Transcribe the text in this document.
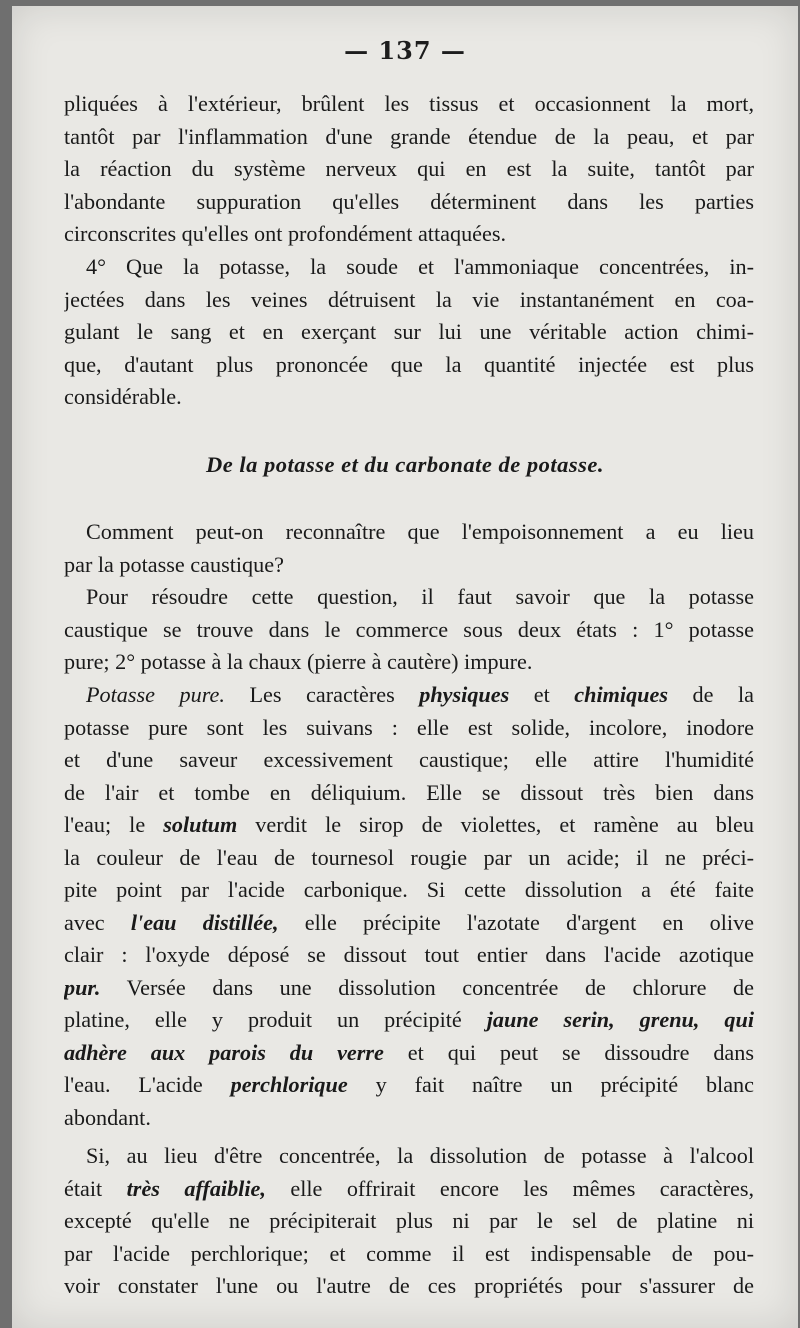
— 137 —
pliquées à l'extérieur, brûlent les tissus et occasionnent la mort,
tantôt par l'inflammation d'une grande étendue de la peau, et par
la réaction du système nerveux qui en est la suite, tantôt par
l'abondante suppuration qu'elles déterminent dans les parties
circonscrites qu'elles ont profondément attaquées.
4° Que la potasse, la soude et l'ammoniaque concentrées, in-
jectées dans les veines détruisent la vie instantanément en coa-
gulant le sang et en exerçant sur lui une véritable action chimi-
que, d'autant plus prononcée que la quantité injectée est plus
considérable.
De la potasse et du carbonate de potasse.
Comment peut-on reconnaître que l'empoisonnement a eu lieu
par la potasse caustique?
Pour résoudre cette question, il faut savoir que la potasse
caustique se trouve dans le commerce sous deux états : 1° potasse
pure; 2° potasse à la chaux (pierre à cautère) impure.
Potasse pure. Les caractères physiques et chimiques de la
potasse pure sont les suivans : elle est solide, incolore, inodore
et d'une saveur excessivement caustique; elle attire l'humidité
de l'air et tombe en déliquium. Elle se dissout très bien dans
l'eau; le solutum verdit le sirop de violettes, et ramène au bleu
la couleur de l'eau de tournesol rougie par un acide; il ne préci-
pite point par l'acide carbonique. Si cette dissolution a été faite
avec l'eau distillée, elle précipite l'azotate d'argent en olive
clair : l'oxyde déposé se dissout tout entier dans l'acide azotique
pur. Versée dans une dissolution concentrée de chlorure de
platine, elle y produit un précipité jaune serin, grenu, qui
adhère aux parois du verre et qui peut se dissoudre dans
l'eau. L'acide perchlorique y fait naître un précipité blanc
abondant.
Si, au lieu d'être concentrée, la dissolution de potasse à l'alcool
était très affaiblie, elle offrirait encore les mêmes caractères,
excepté qu'elle ne précipiterait plus ni par le sel de platine ni
par l'acide perchlorique; et comme il est indispensable de pou-
voir constater l'une ou l'autre de ces propriétés pour s'assurer de
